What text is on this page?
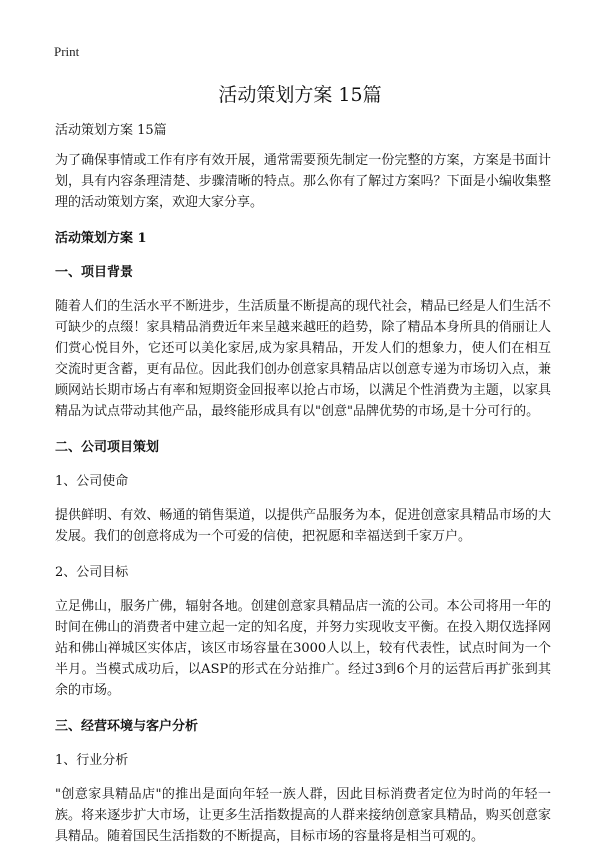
Print
活动策划方案 15篇

活动策划方案 15篇

为了确保事情或工作有序有效开展，通常需要预先制定一份完整的方案，方案是书面计划，具有内容条理清楚、步骤清晰的特点。那么你有了解过方案吗？下面是小编收集整理的活动策划方案，欢迎大家分享。

活动策划方案 1

一、项目背景

随着人们的生活水平不断进步，生活质量不断提高的现代社会，精品已经是人们生活不可缺少的点缀！家具精品消费近年来呈越来越旺的趋势，除了精品本身所具的俏丽让人们赏心悦目外，它还可以美化家居,成为家具精品，开发人们的想象力，使人们在相互交流时更含蓄，更有品位。因此我们创办创意家具精品店以创意专递为市场切入点，兼顾网站长期市场占有率和短期资金回报率以抢占市场，以满足个性消费为主题，以家具精品为试点带动其他产品，最终能形成具有以"创意"品牌优势的市场,是十分可行的。

二、公司项目策划

1、公司使命

提供鲜明、有效、畅通的销售渠道，以提供产品服务为本，促进创意家具精品市场的大发展。我们的创意将成为一个可爱的信使，把祝愿和幸福送到千家万户。

2、公司目标

立足佛山，服务广佛，辐射各地。创建创意家具精品店一流的公司。本公司将用一年的时间在佛山的消费者中建立起一定的知名度，并努力实现收支平衡。在投入期仅选择网站和佛山禅城区实体店，该区市场容量在3000人以上，较有代表性，试点时间为一个半月。当模式成功后，以ASP的形式在分站推广。经过3到6个月的运营后再扩张到其余的市场。

三、经营环境与客户分析

1、行业分析

"创意家具精品店"的推出是面向年轻一族人群，因此目标消费者定位为时尚的年轻一族。将来逐步扩大市场，让更多生活指数提高的人群来接纳创意家具精品，购买创意家具精品。随着国民生活指数的不断提高，目标市场的容量将是相当可观的。
